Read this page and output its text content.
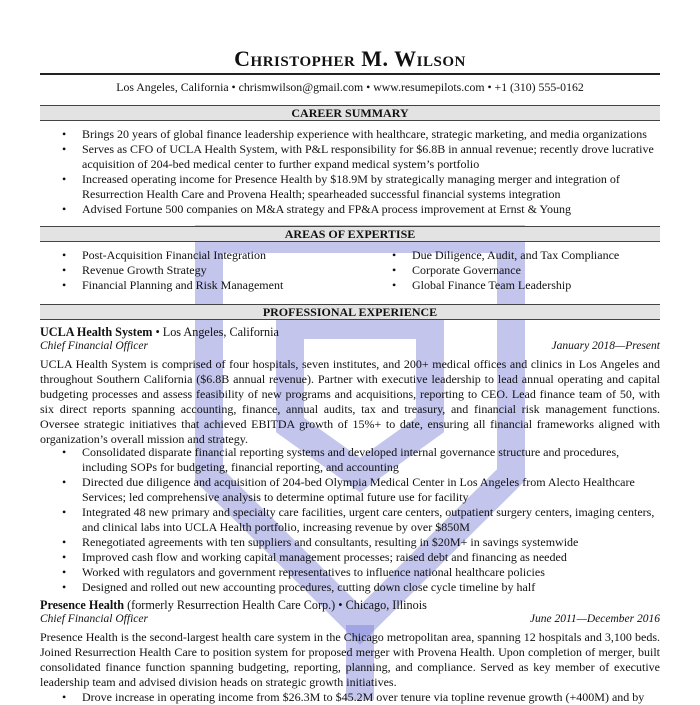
Christopher M. Wilson
Los Angeles, California • chrismwilson@gmail.com • www.resumepilots.com • +1 (310) 555-0162
CAREER SUMMARY
• Brings 20 years of global finance leadership experience with healthcare, strategic marketing, and media organizations
• Serves as CFO of UCLA Health System, with P&L responsibility for $6.8B in annual revenue; recently drove lucrative acquisition of 204-bed medical center to further expand medical system’s portfolio
• Increased operating income for Presence Health by $18.9M by strategically managing merger and integration of Resurrection Health Care and Provena Health; spearheaded successful financial systems integration
• Advised Fortune 500 companies on M&A strategy and FP&A process improvement at Ernst & Young
AREAS OF EXPERTISE
• Post-Acquisition Financial Integration
• Revenue Growth Strategy
• Financial Planning and Risk Management
• Due Diligence, Audit, and Tax Compliance
• Corporate Governance
• Global Finance Team Leadership
PROFESSIONAL EXPERIENCE
UCLA Health System • Los Angeles, California
Chief Financial Officer	January 2018—Present
UCLA Health System is comprised of four hospitals, seven institutes, and 200+ medical offices and clinics in Los Angeles and throughout Southern California ($6.8B annual revenue). Partner with executive leadership to lead annual operating and capital budgeting processes and assess feasibility of new programs and acquisitions, reporting to CEO. Lead finance team of 50, with six direct reports spanning accounting, finance, annual audits, tax and treasury, and financial risk management functions. Oversee strategic initiatives that achieved EBITDA growth of 15%+ to date, ensuring all financial frameworks aligned with organization’s overall mission and strategy.
• Consolidated disparate financial reporting systems and developed internal governance structure and procedures, including SOPs for budgeting, financial reporting, and accounting
• Directed due diligence and acquisition of 204-bed Olympia Medical Center in Los Angeles from Alecto Healthcare Services; led comprehensive analysis to determine optimal future use for facility
• Integrated 48 new primary and specialty care facilities, urgent care centers, outpatient surgery centers, imaging centers, and clinical labs into UCLA Health portfolio, increasing revenue by over $850M
• Renegotiated agreements with ten suppliers and consultants, resulting in $20M+ in savings systemwide
• Improved cash flow and working capital management processes; raised debt and financing as needed
• Worked with regulators and government representatives to influence national healthcare policies
• Designed and rolled out new accounting procedures, cutting down close cycle timeline by half
Presence Health (formerly Resurrection Health Care Corp.) • Chicago, Illinois
Chief Financial Officer	June 2011—December 2016
Presence Health is the second-largest health care system in the Chicago metropolitan area, spanning 12 hospitals and 3,100 beds. Joined Resurrection Health Care to position system for proposed merger with Provena Health. Upon completion of merger, built consolidated finance function spanning budgeting, reporting, planning, and compliance. Served as key member of executive leadership team and advised division heads on strategic growth initiatives.
• Drove increase in operating income from $26.3M to $45.2M over tenure via topline revenue growth (+400M) and by
